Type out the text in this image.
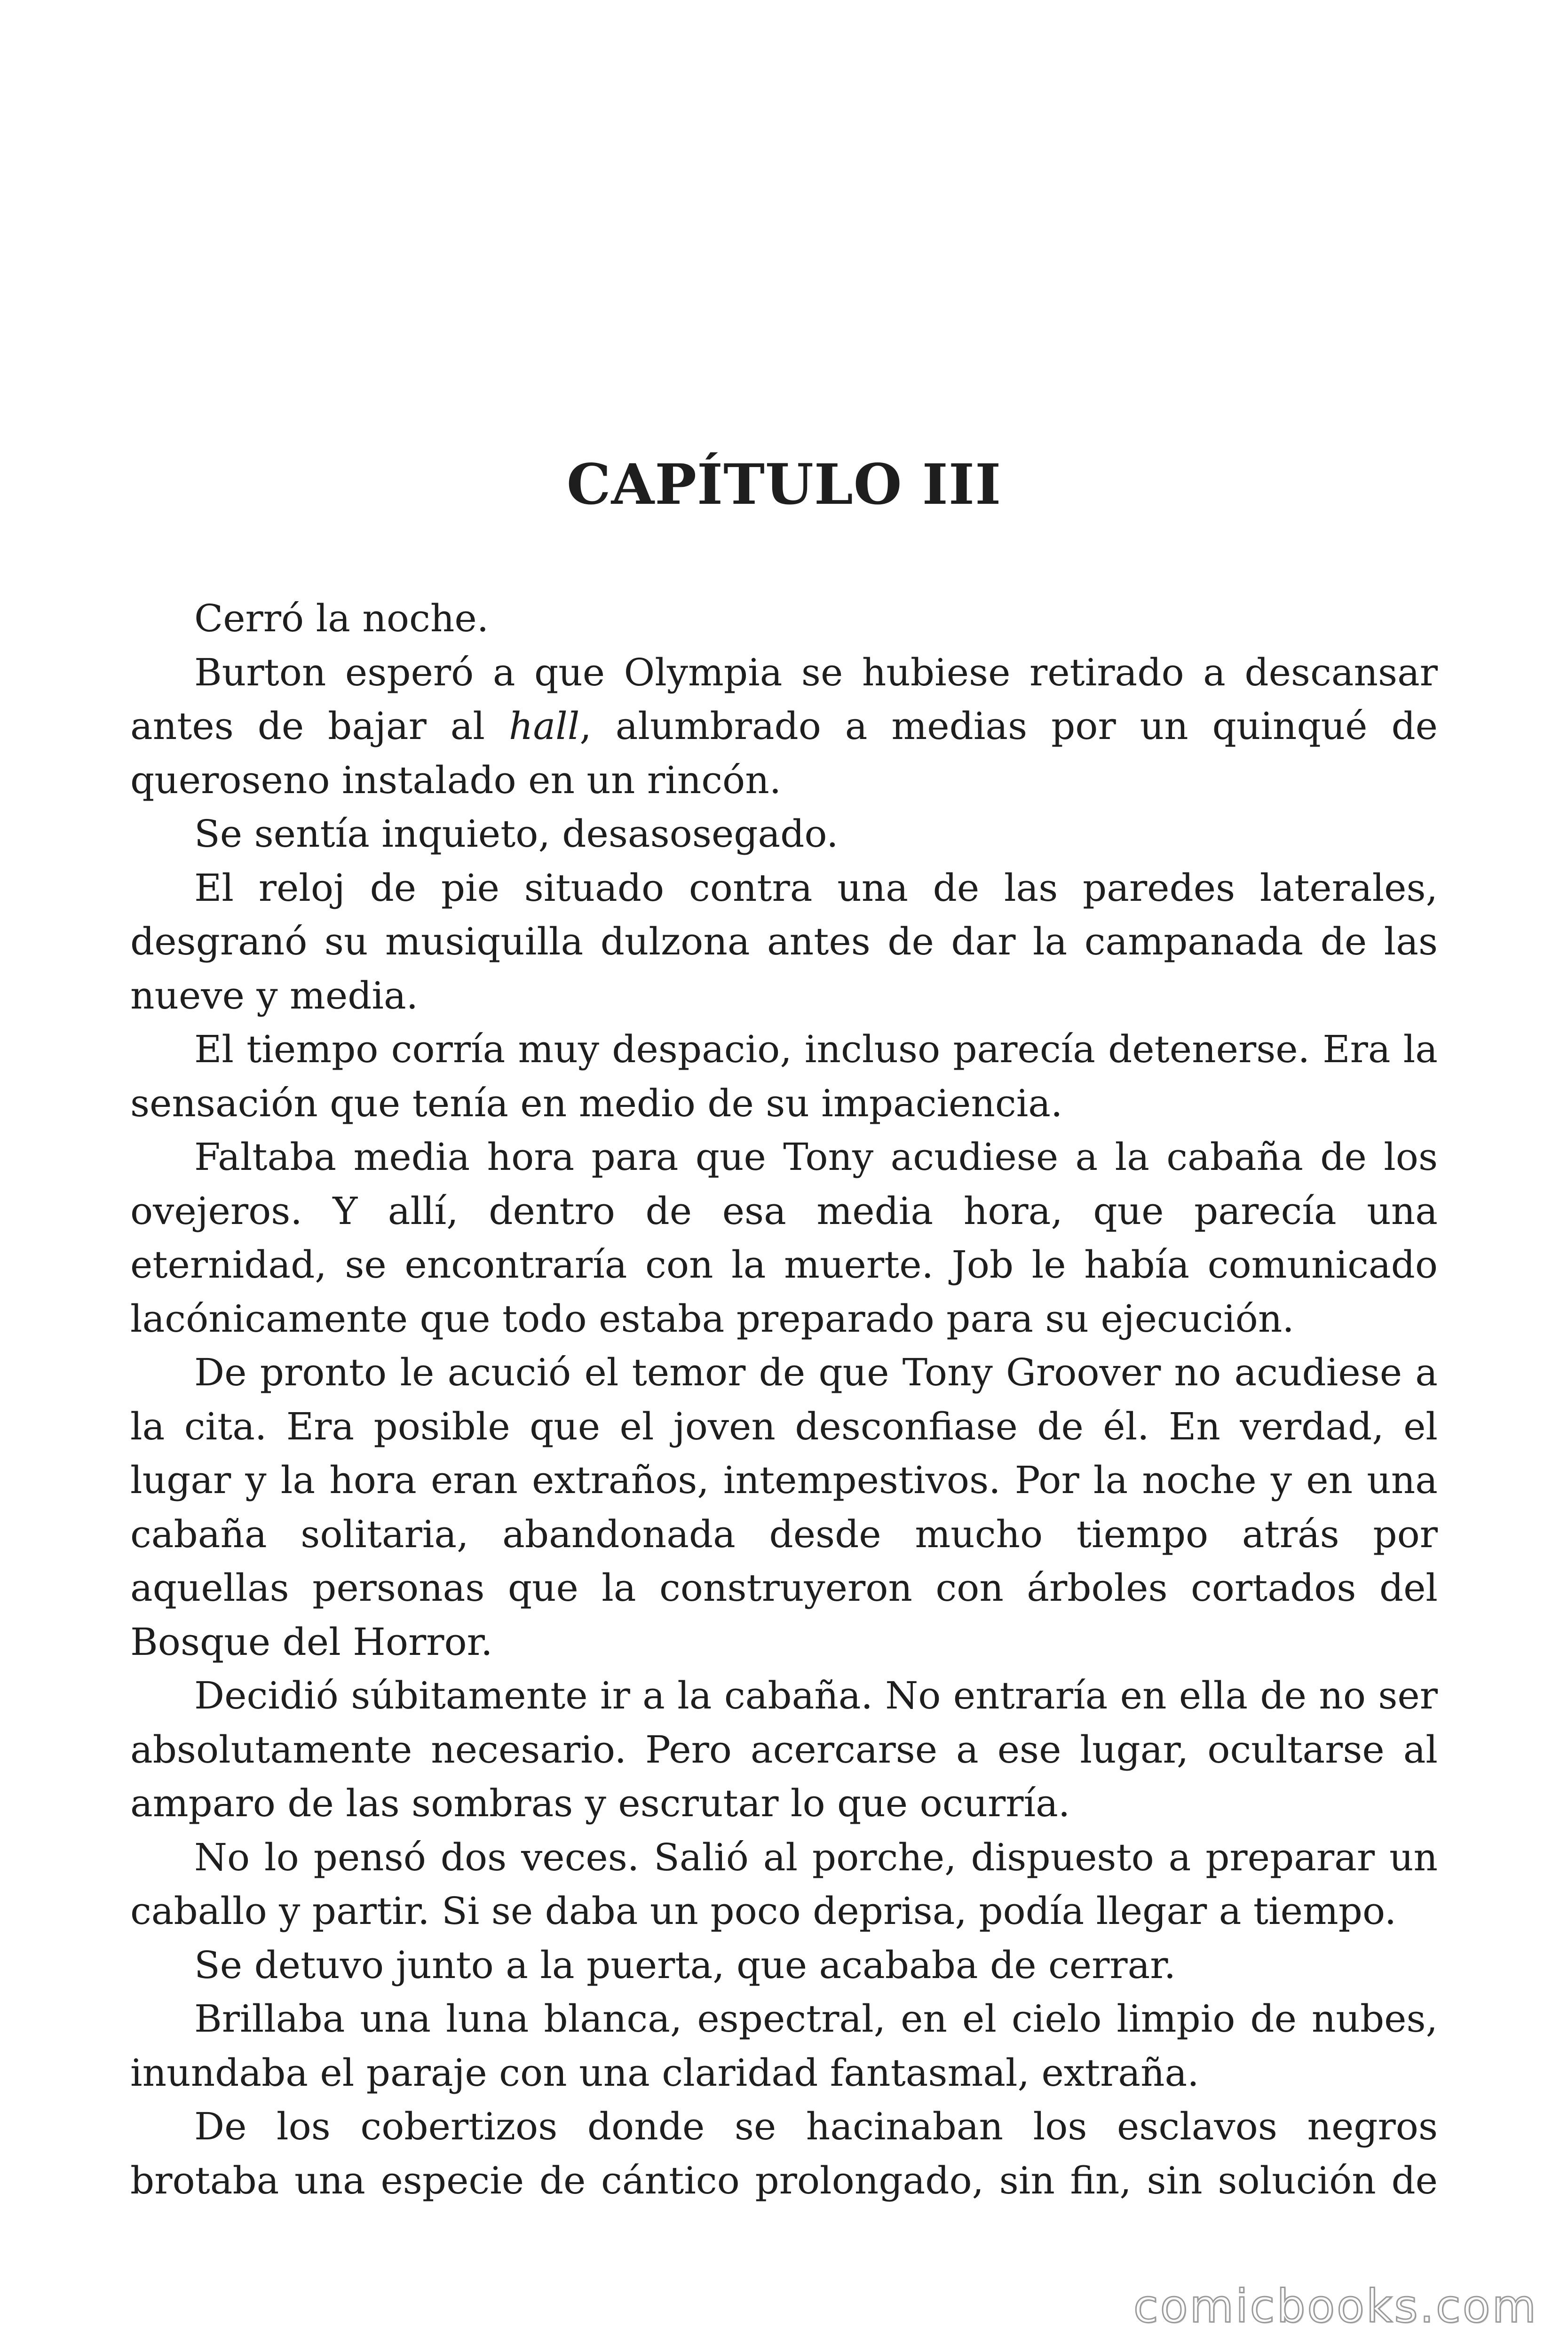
CAPÍTULO III

Cerró la noche.

Burton esperó a que Olympia se hubiese retirado a descansar antes de bajar al hall, alumbrado a medias por un quinqué de queroseno instalado en un rincón.

Se sentía inquieto, desasosegado.

El reloj de pie situado contra una de las paredes laterales, desgranó su musiquilla dulzona antes de dar la campanada de las nueve y media.

El tiempo corría muy despacio, incluso parecía detenerse. Era la sensación que tenía en medio de su impaciencia.

Faltaba media hora para que Tony acudiese a la cabaña de los ovejeros. Y allí, dentro de esa media hora, que parecía una eternidad, se encontraría con la muerte. Job le había comunicado lacónicamente que todo estaba preparado para su ejecución.

De pronto le acució el temor de que Tony Groover no acudiese a la cita. Era posible que el joven desconfiase de él. En verdad, el lugar y la hora eran extraños, intempestivos. Por la noche y en una cabaña solitaria, abandonada desde mucho tiempo atrás por aquellas personas que la construyeron con árboles cortados del Bosque del Horror.

Decidió súbitamente ir a la cabaña. No entraría en ella de no ser absolutamente necesario. Pero acercarse a ese lugar, ocultarse al amparo de las sombras y escrutar lo que ocurría.

No lo pensó dos veces. Salió al porche, dispuesto a preparar un caballo y partir. Si se daba un poco deprisa, podía llegar a tiempo.

Se detuvo junto a la puerta, que acababa de cerrar.

Brillaba una luna blanca, espectral, en el cielo limpio de nubes, inundaba el paraje con una claridad fantasmal, extraña.

De los cobertizos donde se hacinaban los esclavos negros brotaba una especie de cántico prolongado, sin fin, sin solución de

comicbooks.com
